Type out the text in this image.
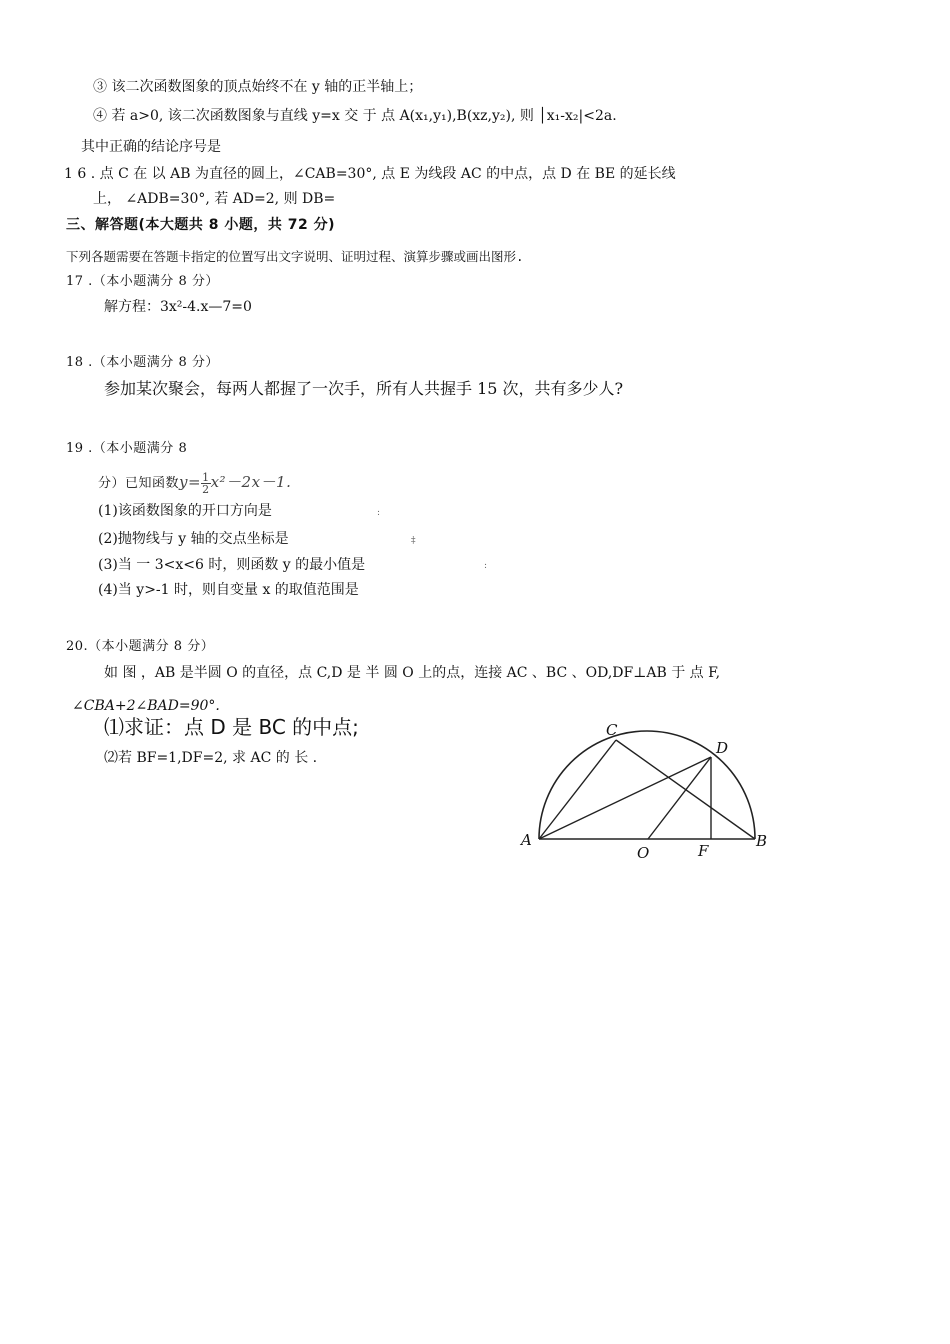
③ 该二次函数图象的顶点始终不在 y 轴的正半轴上；
④ 若 a>0, 该二次函数图象与直线 y=x 交 于 点 A(x₁,y₁),B(xz,y₂), 则 │x₁-x₂|<2a.
其中正确的结论序号是
1 6 . 点 C 在 以 AB 为直径的圆上，∠CAB=30°, 点 E 为线段 AC 的中点，点 D 在 BE 的延长线
上， ∠ADB=30°, 若 AD=2, 则 DB=
三、解答题(本大题共 8 小题，共 72 分)
下列各题需要在答题卡指定的位置写出文字说明、证明过程、演算步骤或画出图形.
17 .（本小题满分 8 分）
解方程：3x²-4.x—7=0
18 .（本小题满分 8 分）
参加某次聚会，每两人都握了一次手，所有人共握手 15 次，共有多少人?
19 .（本小题满分 8
分）已知函数$y= \frac{1}{2} x^2-2x-1$.
(1)该函数图象的开口方向是	:
(2)抛物线与 y 轴的交点坐标是	‡
(3)当 一 3<x<6 时，则函数 y 的最小值是	:
(4)当 y>-1 时，则自变量 x 的取值范围是
20.（本小题满分 8 分）
如 图 ，AB 是半圆 O 的直径，点 C,D 是 半 圆 O 上的点，连接 AC 、BC 、OD,DF⊥AB 于 点 F,
∠CBA+2∠BAD=90°.
⑴求证：点 D 是 BC 的中点;
⑵若 BF=1,DF=2, 求 AC 的 长 .
A	B
C
D
O	F
